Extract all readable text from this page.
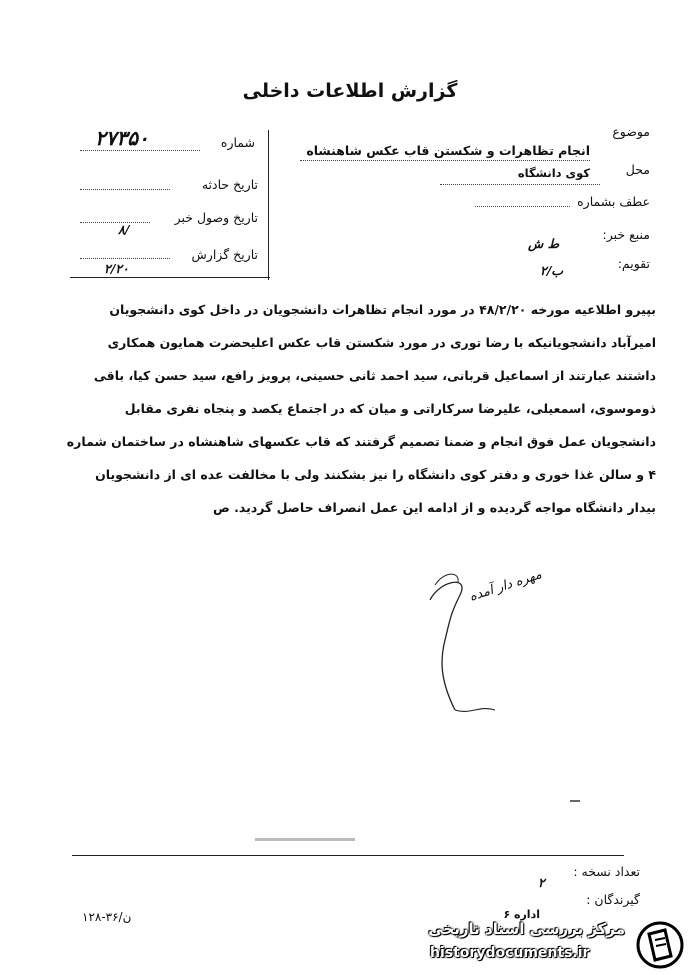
گزارش اطلاعات داخلی
شماره
۲۷۳۵۰
تاریخ حادثه
تاریخ وصول خبر
۸/
تاریخ گزارش
۲/۲۰
موضوع
انجام تظاهرات و شکستن قاب عکس شاهنشاه
محل
کوی دانشگاه
عطف بشماره
منبع خبر:
ط ش
تقویم:
۲/ب

بپیرو اطلاعیه مورخه ۴۸/۲/۲۰ در مورد انجام تظاهرات دانشجویان در داخل کوی دانشجویان

امیرآباد دانشجویانیکه با رضا توری در مورد شکستن قاب عکس اعلیحضرت همایون همکاری

داشتند عبارتند از اسماعیل قربانی، سید احمد ثانی حسینی، پرویز رافع، سید حسن کیا، باقی

ذوموسوی، اسمعیلی، علیرضا سرکاراتی و میان که در اجتماع یکصد و پنجاه نفری مقابل

دانشجویان عمل فوق انجام و ضمنا تصمیم گرفتند که قاب عکسهای شاهنشاه در ساختمان شماره

۴ و سالن غذا خوری و دفتر کوی دانشگاه را نیز بشکنند ولی با مخالفت عده ای از دانشجویان

بیدار دانشگاه مواجه گردیده و از ادامه این عمل انصراف حاصل گردید. ص

مهره دار آمده
تعداد نسخه :
۲
گیرندگان :
اداره ۶
۱۲۸-۳۶/ن
مرکز بررسی اسناد تاریخی
historydocuments.ir
